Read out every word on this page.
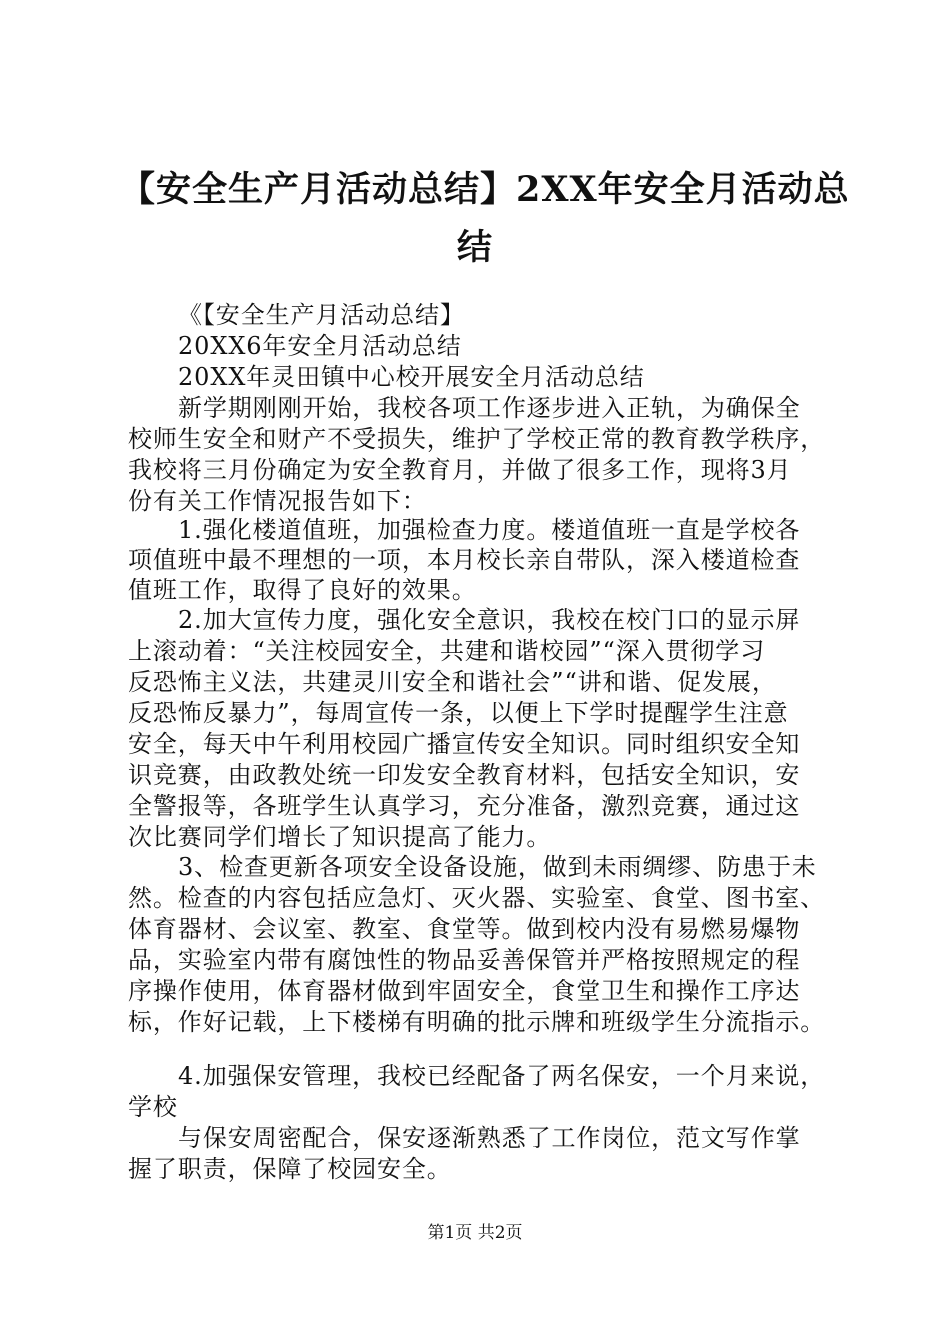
【安全生产月活动总结】2XX年安全月活动总
结
《【安全生产月活动总结】
20XX6年安全月活动总结
20XX年灵田镇中心校开展安全月活动总结
新学期刚刚开始，我校各项工作逐步进入正轨，为确保全
校师生安全和财产不受损失，维护了学校正常的教育教学秩序，
我校将三月份确定为安全教育月，并做了很多工作，现将3月
份有关工作情况报告如下：
1.强化楼道值班，加强检查力度。楼道值班一直是学校各
项值班中最不理想的一项，本月校长亲自带队，深入楼道检查
值班工作，取得了良好的效果。
2.加大宣传力度，强化安全意识，我校在校门口的显示屏
上滚动着：“关注校园安全，共建和谐校园”“深入贯彻学习
反恐怖主义法，共建灵川安全和谐社会”“讲和谐、促发展，
反恐怖反暴力”，每周宣传一条，以便上下学时提醒学生注意
安全，每天中午利用校园广播宣传安全知识。同时组织安全知
识竞赛，由政教处统一印发安全教育材料，包括安全知识，安
全警报等，各班学生认真学习，充分准备，激烈竞赛，通过这
次比赛同学们增长了知识提高了能力。
3、检查更新各项安全设备设施，做到未雨绸缪、防患于未
然。检查的内容包括应急灯、灭火器、实验室、食堂、图书室、
体育器材、会议室、教室、食堂等。做到校内没有易燃易爆物
品，实验室内带有腐蚀性的物品妥善保管并严格按照规定的程
序操作使用，体育器材做到牢固安全，食堂卫生和操作工序达
标，作好记载，上下楼梯有明确的批示牌和班级学生分流指示。
4.加强保安管理，我校已经配备了两名保安，一个月来说，
学校
与保安周密配合，保安逐渐熟悉了工作岗位，范文写作掌
握了职责，保障了校园安全。
第1页 共2页
